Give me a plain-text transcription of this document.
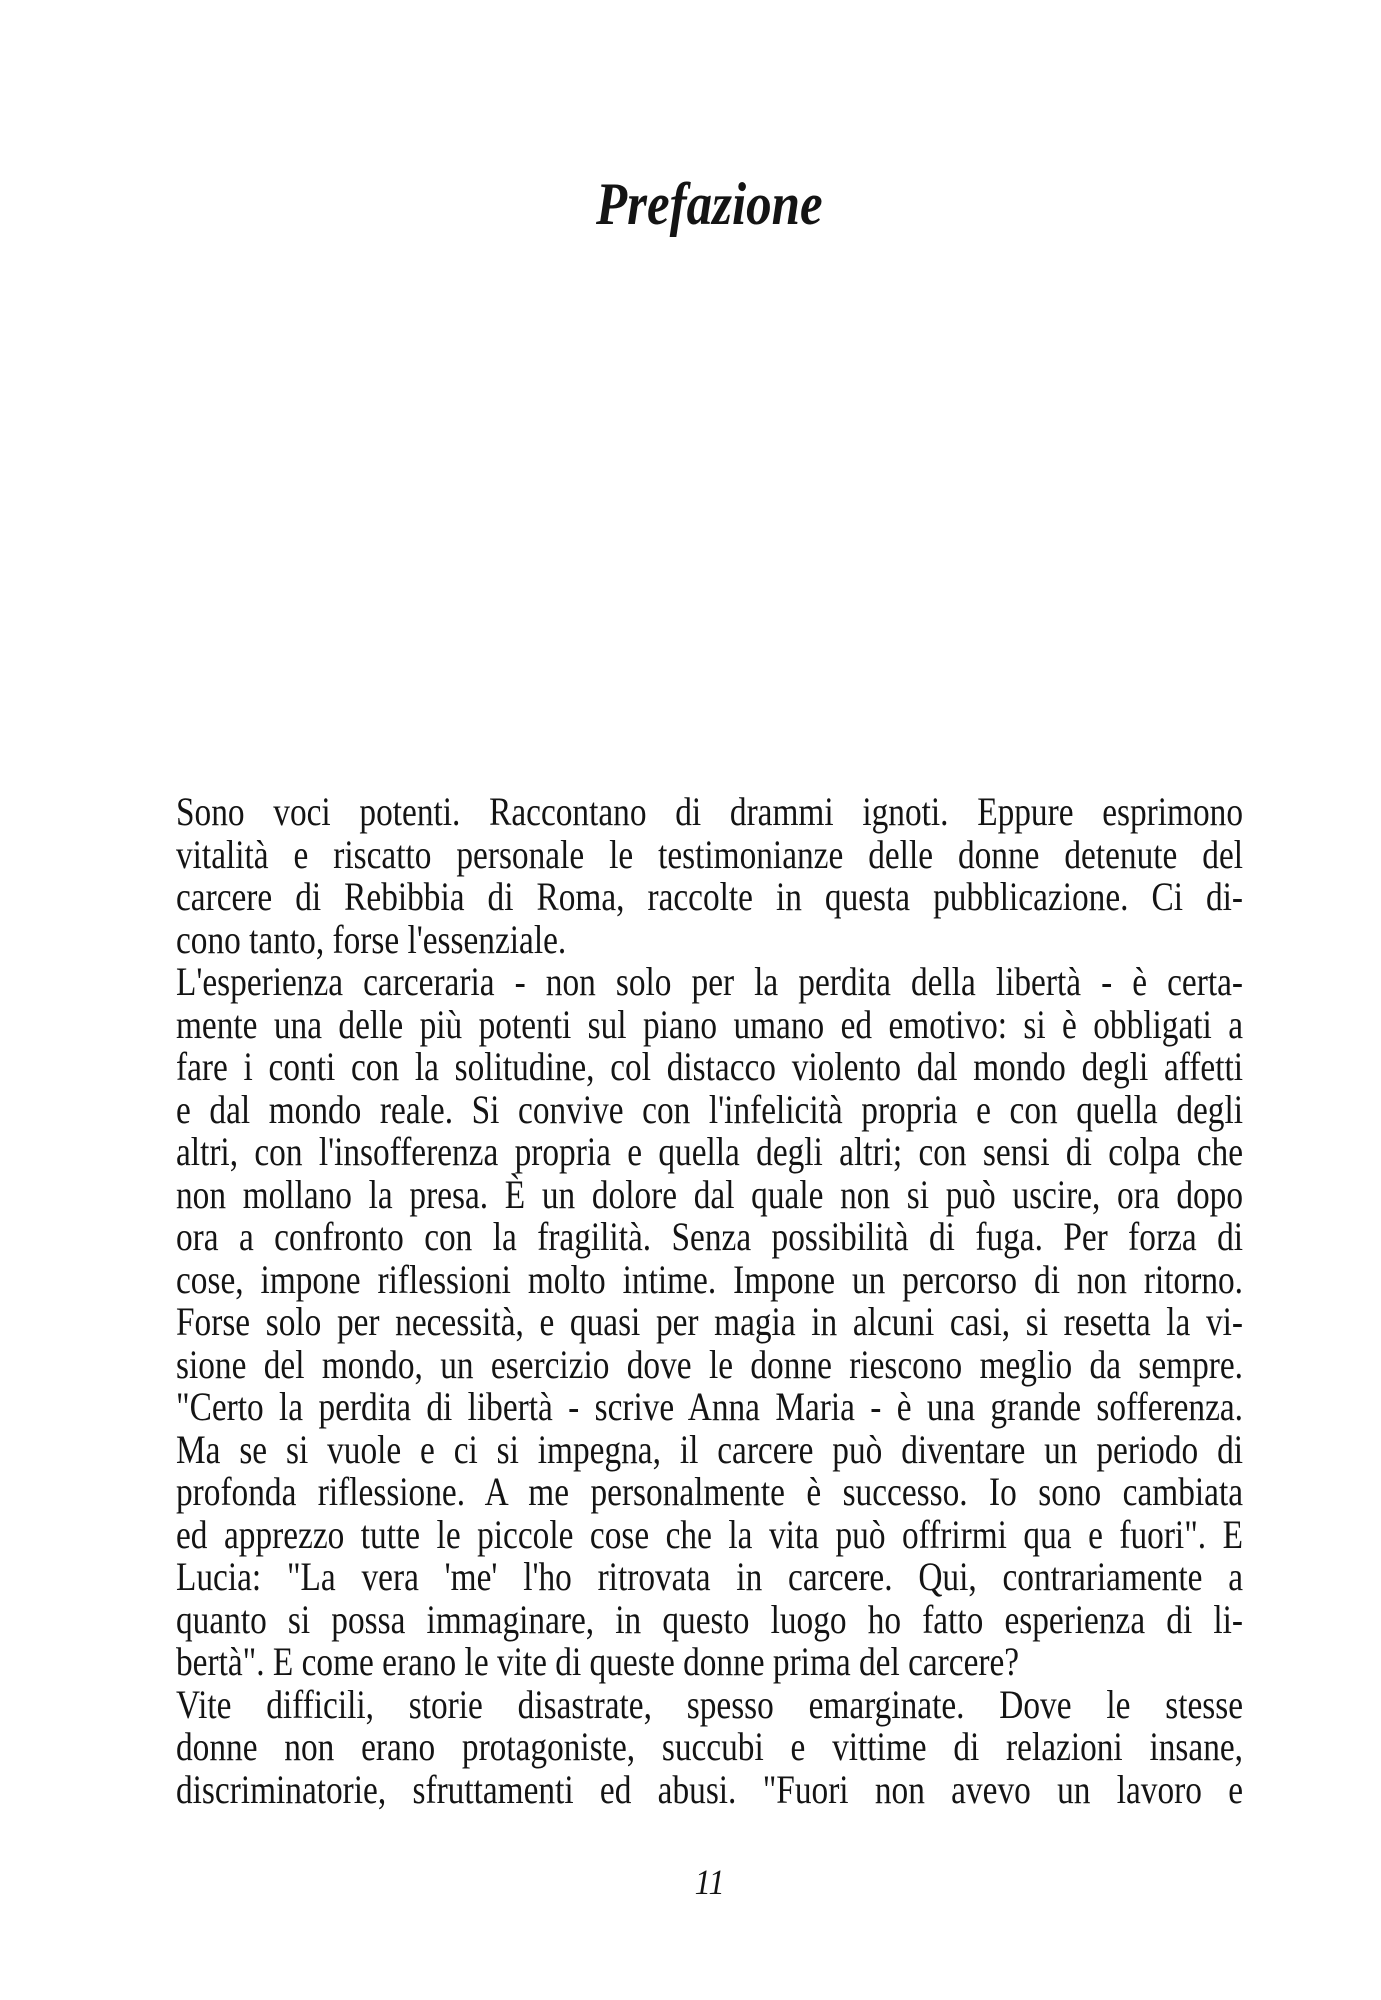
Prefazione
Sono voci potenti. Raccontano di drammi ignoti. Eppure esprimono
vitalità e riscatto personale le testimonianze delle donne detenute del
carcere di Rebibbia di Roma, raccolte in questa pubblicazione. Ci di-
cono tanto, forse l'essenziale.
L'esperienza carceraria - non solo per la perdita della libertà - è certa-
mente una delle più potenti sul piano umano ed emotivo: si è obbligati a
fare i conti con la solitudine, col distacco violento dal mondo degli affetti
e dal mondo reale. Si convive con l'infelicità propria e con quella degli
altri, con l'insofferenza propria e quella degli altri; con sensi di colpa che
non mollano la presa. È un dolore dal quale non si può uscire, ora dopo
ora a confronto con la fragilità. Senza possibilità di fuga. Per forza di
cose, impone riflessioni molto intime. Impone un percorso di non ritorno.
Forse solo per necessità, e quasi per magia in alcuni casi, si resetta la vi-
sione del mondo, un esercizio dove le donne riescono meglio da sempre.
"Certo la perdita di libertà - scrive Anna Maria - è una grande sofferenza.
Ma se si vuole e ci si impegna, il carcere può diventare un periodo di
profonda riflessione. A me personalmente è successo. Io sono cambiata
ed apprezzo tutte le piccole cose che la vita può offrirmi qua e fuori". E
Lucia: "La vera 'me' l'ho ritrovata in carcere. Qui, contrariamente a
quanto si possa immaginare, in questo luogo ho fatto esperienza di li-
bertà". E come erano le vite di queste donne prima del carcere?
Vite difficili, storie disastrate, spesso emarginate. Dove le stesse
donne non erano protagoniste, succubi e vittime di relazioni insane,
discriminatorie, sfruttamenti ed abusi. "Fuori non avevo un lavoro e
11
